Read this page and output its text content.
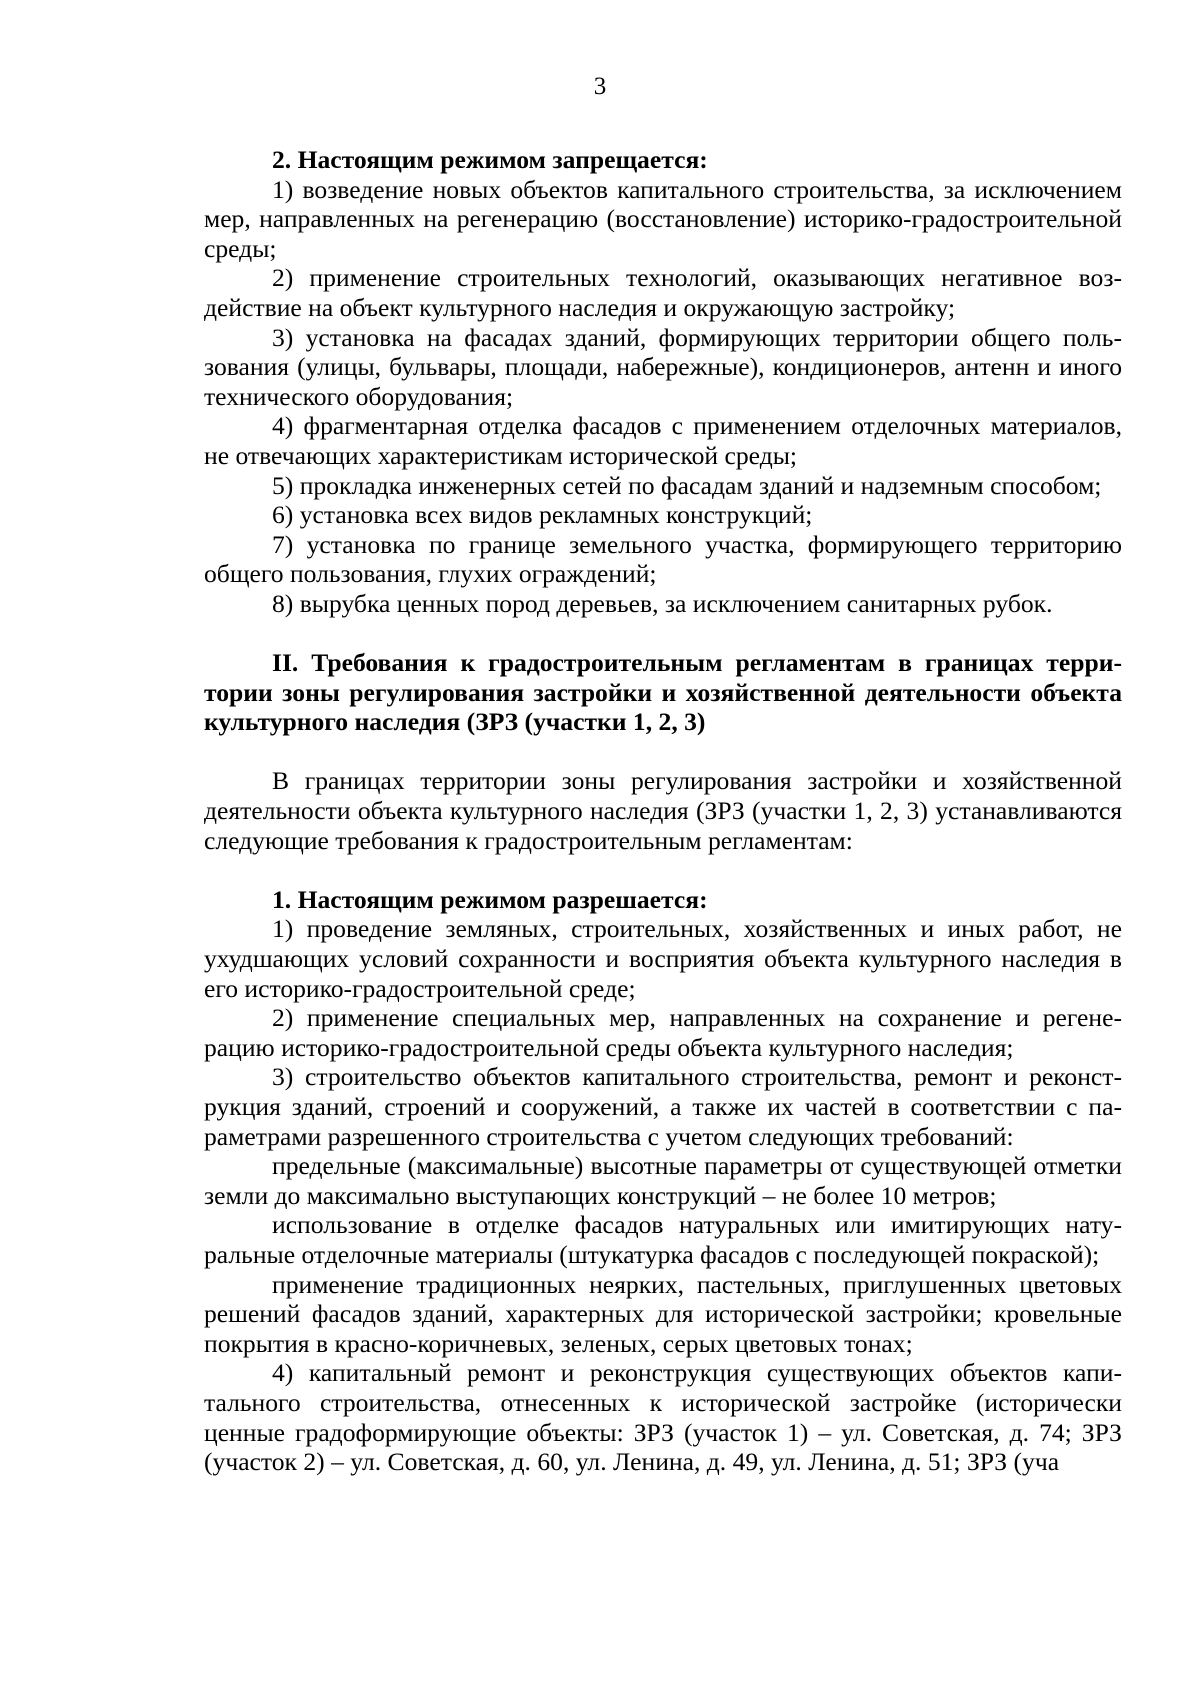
3

2. Настоящим режимом запрещается:

1) возведение новых объектов капитального строительства, за исключением мер, направленных на регенерацию (восстановление) историко-градостроительной среды;

2) применение строительных технологий, оказывающих негативное воздействие на объект культурного наследия и окружающую застройку;

3) установка на фасадах зданий, формирующих территории общего пользования (улицы, бульвары, площади, набережные), кондиционеров, антенн и иного технического оборудования;

4) фрагментарная отделка фасадов с применением отделочных материалов, не отвечающих характеристикам исторической среды;

5) прокладка инженерных сетей по фасадам зданий и надземным способом;

6) установка всех видов рекламных конструкций;

7) установка по границе земельного участка, формирующего территорию общего пользования, глухих ограждений;

8) вырубка ценных пород деревьев, за исключением санитарных рубок.

II. Требования к градостроительным регламентам в границах территории зоны регулирования застройки и хозяйственной деятельности объекта культурного наследия (ЗРЗ (участки 1, 2, 3)

В границах территории зоны регулирования застройки и хозяйственной деятельности объекта культурного наследия (ЗРЗ (участки 1, 2, 3) устанавливаются следующие требования к градостроительным регламентам:

1. Настоящим режимом разрешается:

1) проведение земляных, строительных, хозяйственных и иных работ, не ухудшающих условий сохранности и восприятия объекта культурного наследия в его историко-градостроительной среде;

2) применение специальных мер, направленных на сохранение и регенерацию историко-градостроительной среды объекта культурного наследия;

3) строительство объектов капитального строительства, ремонт и реконструкция зданий, строений и сооружений, а также их частей в соответствии с параметрами разрешенного строительства с учетом следующих требований:

предельные (максимальные) высотные параметры от существующей отметки земли до максимально выступающих конструкций – не более 10 метров;

использование в отделке фасадов натуральных или имитирующих натуральные отделочные материалы (штукатурка фасадов с последующей покраской);

применение традиционных неярких, пастельных, приглушенных цветовых решений фасадов зданий, характерных для исторической застройки; кровельные покрытия в красно-коричневых, зеленых, серых цветовых тонах;

4) капитальный ремонт и реконструкция существующих объектов капитального строительства, отнесенных к исторической застройке (исторически ценные градоформирующие объекты: ЗРЗ (участок 1) – ул. Советская, д. 74; ЗРЗ (участок 2) – ул. Советская, д. 60, ул. Ленина, д. 49, ул. Ленина, д. 51; ЗРЗ (уча
